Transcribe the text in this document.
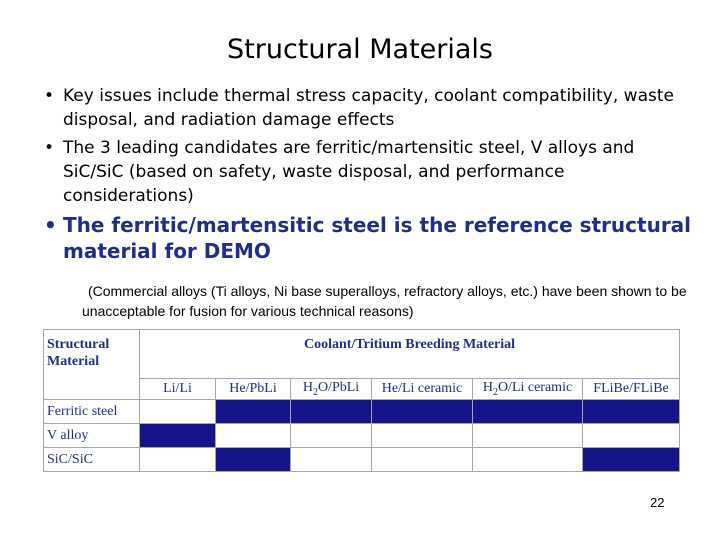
Structural Materials
• Key issues include thermal stress capacity, coolant compatibility, waste disposal, and radiation damage effects
• The 3 leading candidates are ferritic/martensitic steel, V alloys and SiC/SiC (based on safety, waste disposal, and performance considerations)
• The ferritic/martensitic steel is the reference structural material for DEMO
(Commercial alloys (Ti alloys, Ni base superalloys, refractory alloys, etc.) have been shown to be unacceptable for fusion for various technical reasons)
Structural
Material	Coolant/Tritium Breeding Material					
	Li/Li	He/PbLi	$H_2O$/PbLi	He/Li ceramic	$H_2O/Li$ ceramic	FLiBe/FLiBe
Ferritic steel						
V alloy						
SiC/SiC						
22
